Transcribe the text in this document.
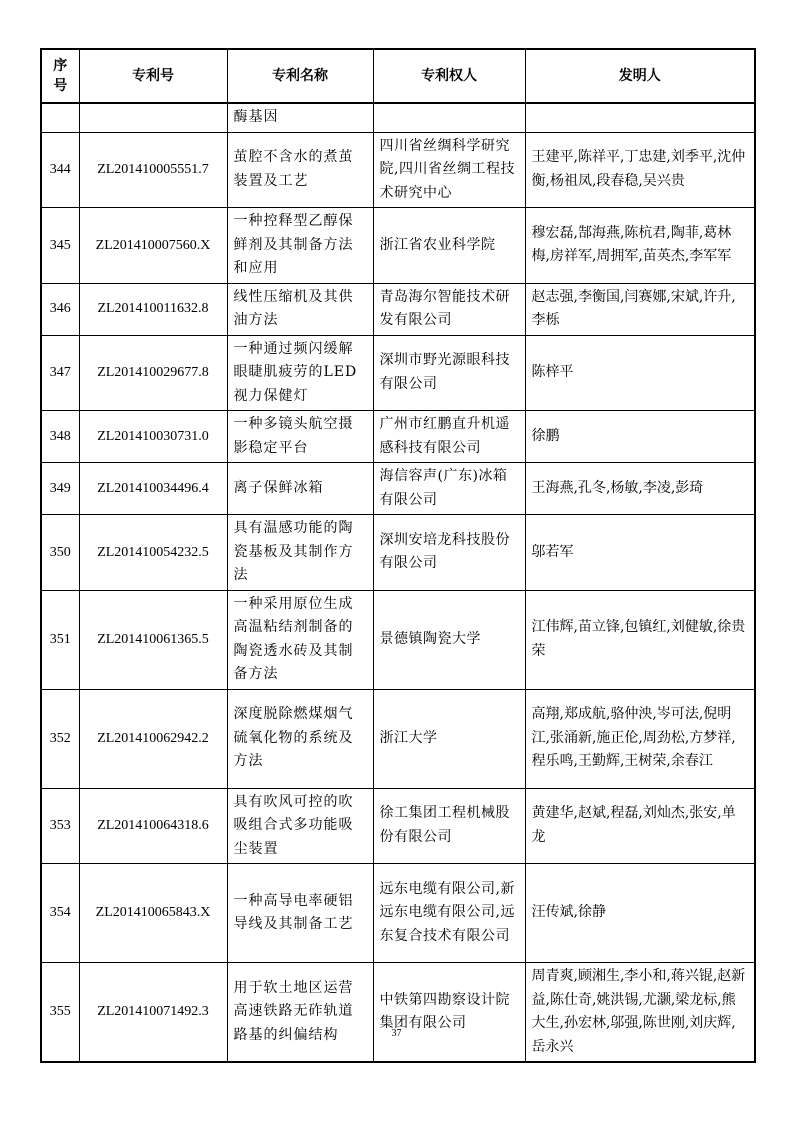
序号	专利号	专利名称	专利权人	发明人
		酶基因		
344	ZL201410005551.7	茧腔不含水的煮茧装置及工艺	四川省丝绸科学研究院,四川省丝绸工程技术研究中心	王建平,陈祥平,丁忠建,刘季平,沈仲衡,杨祖凤,段春稳,吴兴贵
345	ZL201410007560.X	一种控释型乙醇保鲜剂及其制备方法和应用	浙江省农业科学院	穆宏磊,郜海燕,陈杭君,陶菲,葛林梅,房祥军,周拥军,苗英杰,李军军
346	ZL201410011632.8	线性压缩机及其供油方法	青岛海尔智能技术研发有限公司	赵志强,李衡国,闫赛娜,宋斌,许升,李栎
347	ZL201410029677.8	一种通过频闪缓解眼睫肌疲劳的LED视力保健灯	深圳市野光源眼科技有限公司	陈梓平
348	ZL201410030731.0	一种多镜头航空摄影稳定平台	广州市红鹏直升机遥感科技有限公司	徐鹏
349	ZL201410034496.4	离子保鲜冰箱	海信容声(广东)冰箱有限公司	王海燕,孔冬,杨敏,李凌,彭琦
350	ZL201410054232.5	具有温感功能的陶瓷基板及其制作方法	深圳安培龙科技股份有限公司	邬若军
351	ZL201410061365.5	一种采用原位生成高温粘结剂制备的陶瓷透水砖及其制备方法	景德镇陶瓷大学	江伟辉,苗立锋,包镇红,刘健敏,徐贵荣
352	ZL201410062942.2	深度脱除燃煤烟气硫氧化物的系统及方法	浙江大学	高翔,郑成航,骆仲泱,岑可法,倪明江,张涌新,施正伦,周劲松,方梦祥,程乐鸣,王勤辉,王树荣,余春江
353	ZL201410064318.6	具有吹风可控的吹吸组合式多功能吸尘装置	徐工集团工程机械股份有限公司	黄建华,赵斌,程磊,刘灿杰,张安,单龙
354	ZL201410065843.X	一种高导电率硬铝导线及其制备工艺	远东电缆有限公司,新远东电缆有限公司,远东复合技术有限公司	汪传斌,徐静
355	ZL201410071492.3	用于软土地区运营高速铁路无砟轨道路基的纠偏结构	中铁第四勘察设计院集团有限公司	周青爽,顾湘生,李小和,蒋兴锟,赵新益,陈仕奇,姚洪锡,尤灏,梁龙标,熊大生,孙宏林,邬强,陈世刚,刘庆辉,岳永兴
37
